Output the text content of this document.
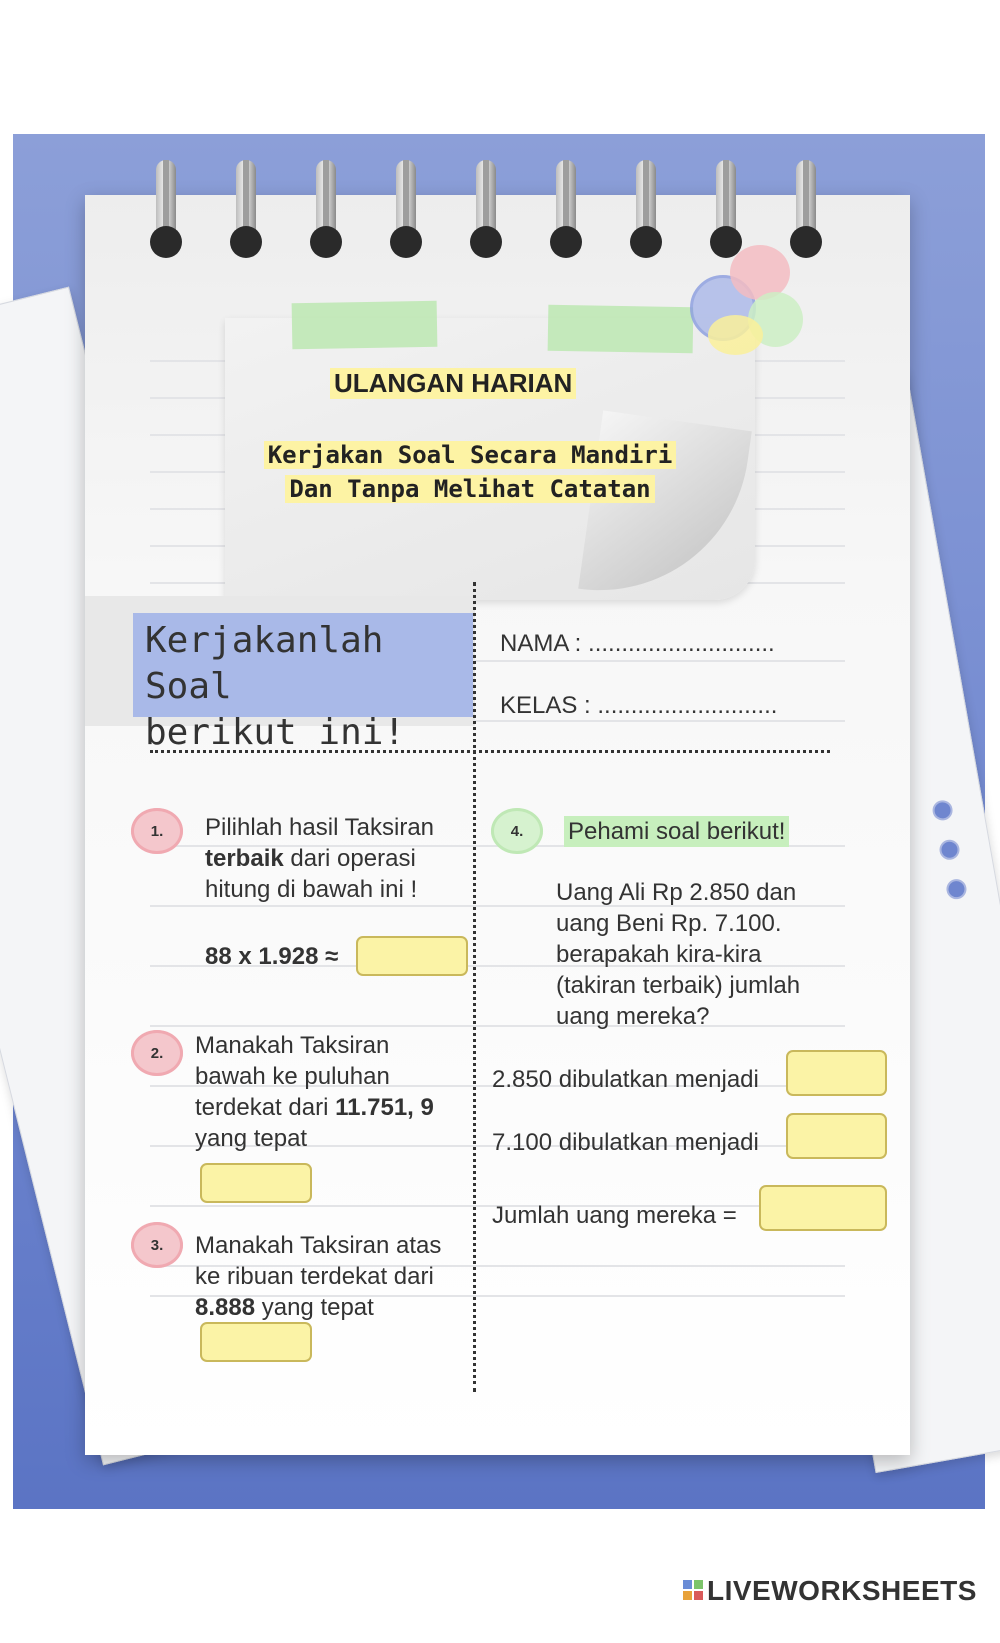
ULANGAN HARIAN
Kerjakan Soal Secara Mandiri
Dan Tanpa Melihat Catatan
Kerjakanlah Soal
berikut ini!
NAMA : ............................
KELAS : ...........................
1.	Pilihlah hasil Taksiran
terbaik dari operasi
hitung di bawah ini !
88 x 1.928 ≈
2.	Manakah Taksiran
bawah ke puluhan
terdekat dari 11.751, 9
yang tepat
3.	Manakah Taksiran atas
ke ribuan terdekat dari
8.888 yang tepat
4.	Pehami soal berikut!
Uang Ali Rp 2.850 dan
uang Beni Rp. 7.100.
berapakah kira-kira
(takiran terbaik) jumlah
uang mereka?
2.850 dibulatkan menjadi
7.100 dibulatkan menjadi
Jumlah uang mereka =
LIVEWORKSHEETS
